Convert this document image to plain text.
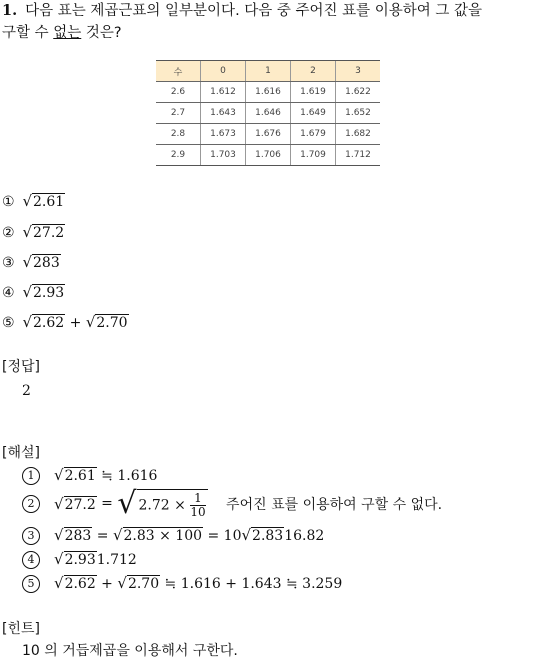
1. 다음 표는 제곱근표의 일부분이다. 다음 중 주어진 표를 이용하여 그 값을
구할 수 없는 것은?
수	0	1	2	3
2.6	1.612	1.616	1.619	1.622
2.7	1.643	1.646	1.649	1.652
2.8	1.673	1.676	1.679	1.682
2.9	1.703	1.706	1.709	1.712
① √2.61
② √27.2
③ √283
④ √2.93
⑤ √2.62 + √2.70
[정답]
2
[해설]
1 √2.61 ≒ 1.616
2 √27.2 = √ $2.72 \times \frac{1}{10}$ 주어진 표를 이용하여 구할 수 없다.
3 √283 = √2.83 × 100 = 10√2.8316.82
4 √2.931.712
5 √2.62 + √2.70 ≒ 1.616 + 1.643 ≒ 3.259
[힌트]
10 의 거듭제곱을 이용해서 구한다.
